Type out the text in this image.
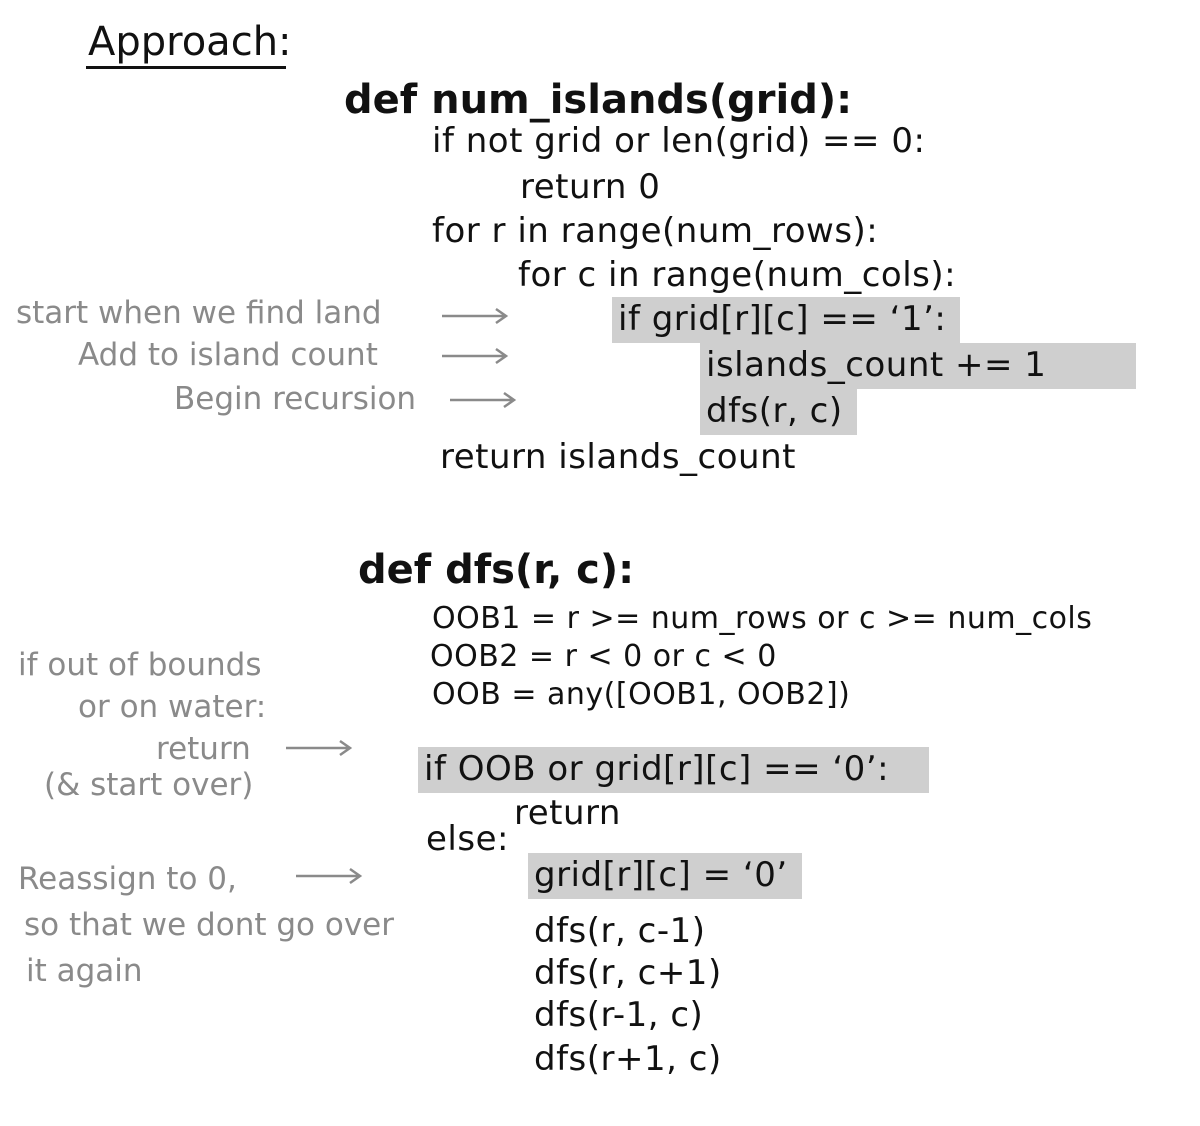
Approach:
def num_islands(grid):
if not grid or len(grid) == 0:
return 0
for r in range(num_rows):
for c in range(num_cols):
if grid[r][c] == ‘1’:
islands_count += 1
dfs(r, c)
return islands_count
start when we find land
Add to island count
Begin recursion
def dfs(r, c):
OOB1 = r >= num_rows or c >= num_cols
OOB2 = r < 0 or c < 0
OOB = any([OOB1, OOB2])
if OOB or grid[r][c] == ‘0’:
return
else:
grid[r][c] = ‘0’
dfs(r, c-1)
dfs(r, c+1)
dfs(r-1, c)
dfs(r+1, c)
if out of bounds
or on water:
return
(& start over)
Reassign to 0,
so that we dont go over
it again
